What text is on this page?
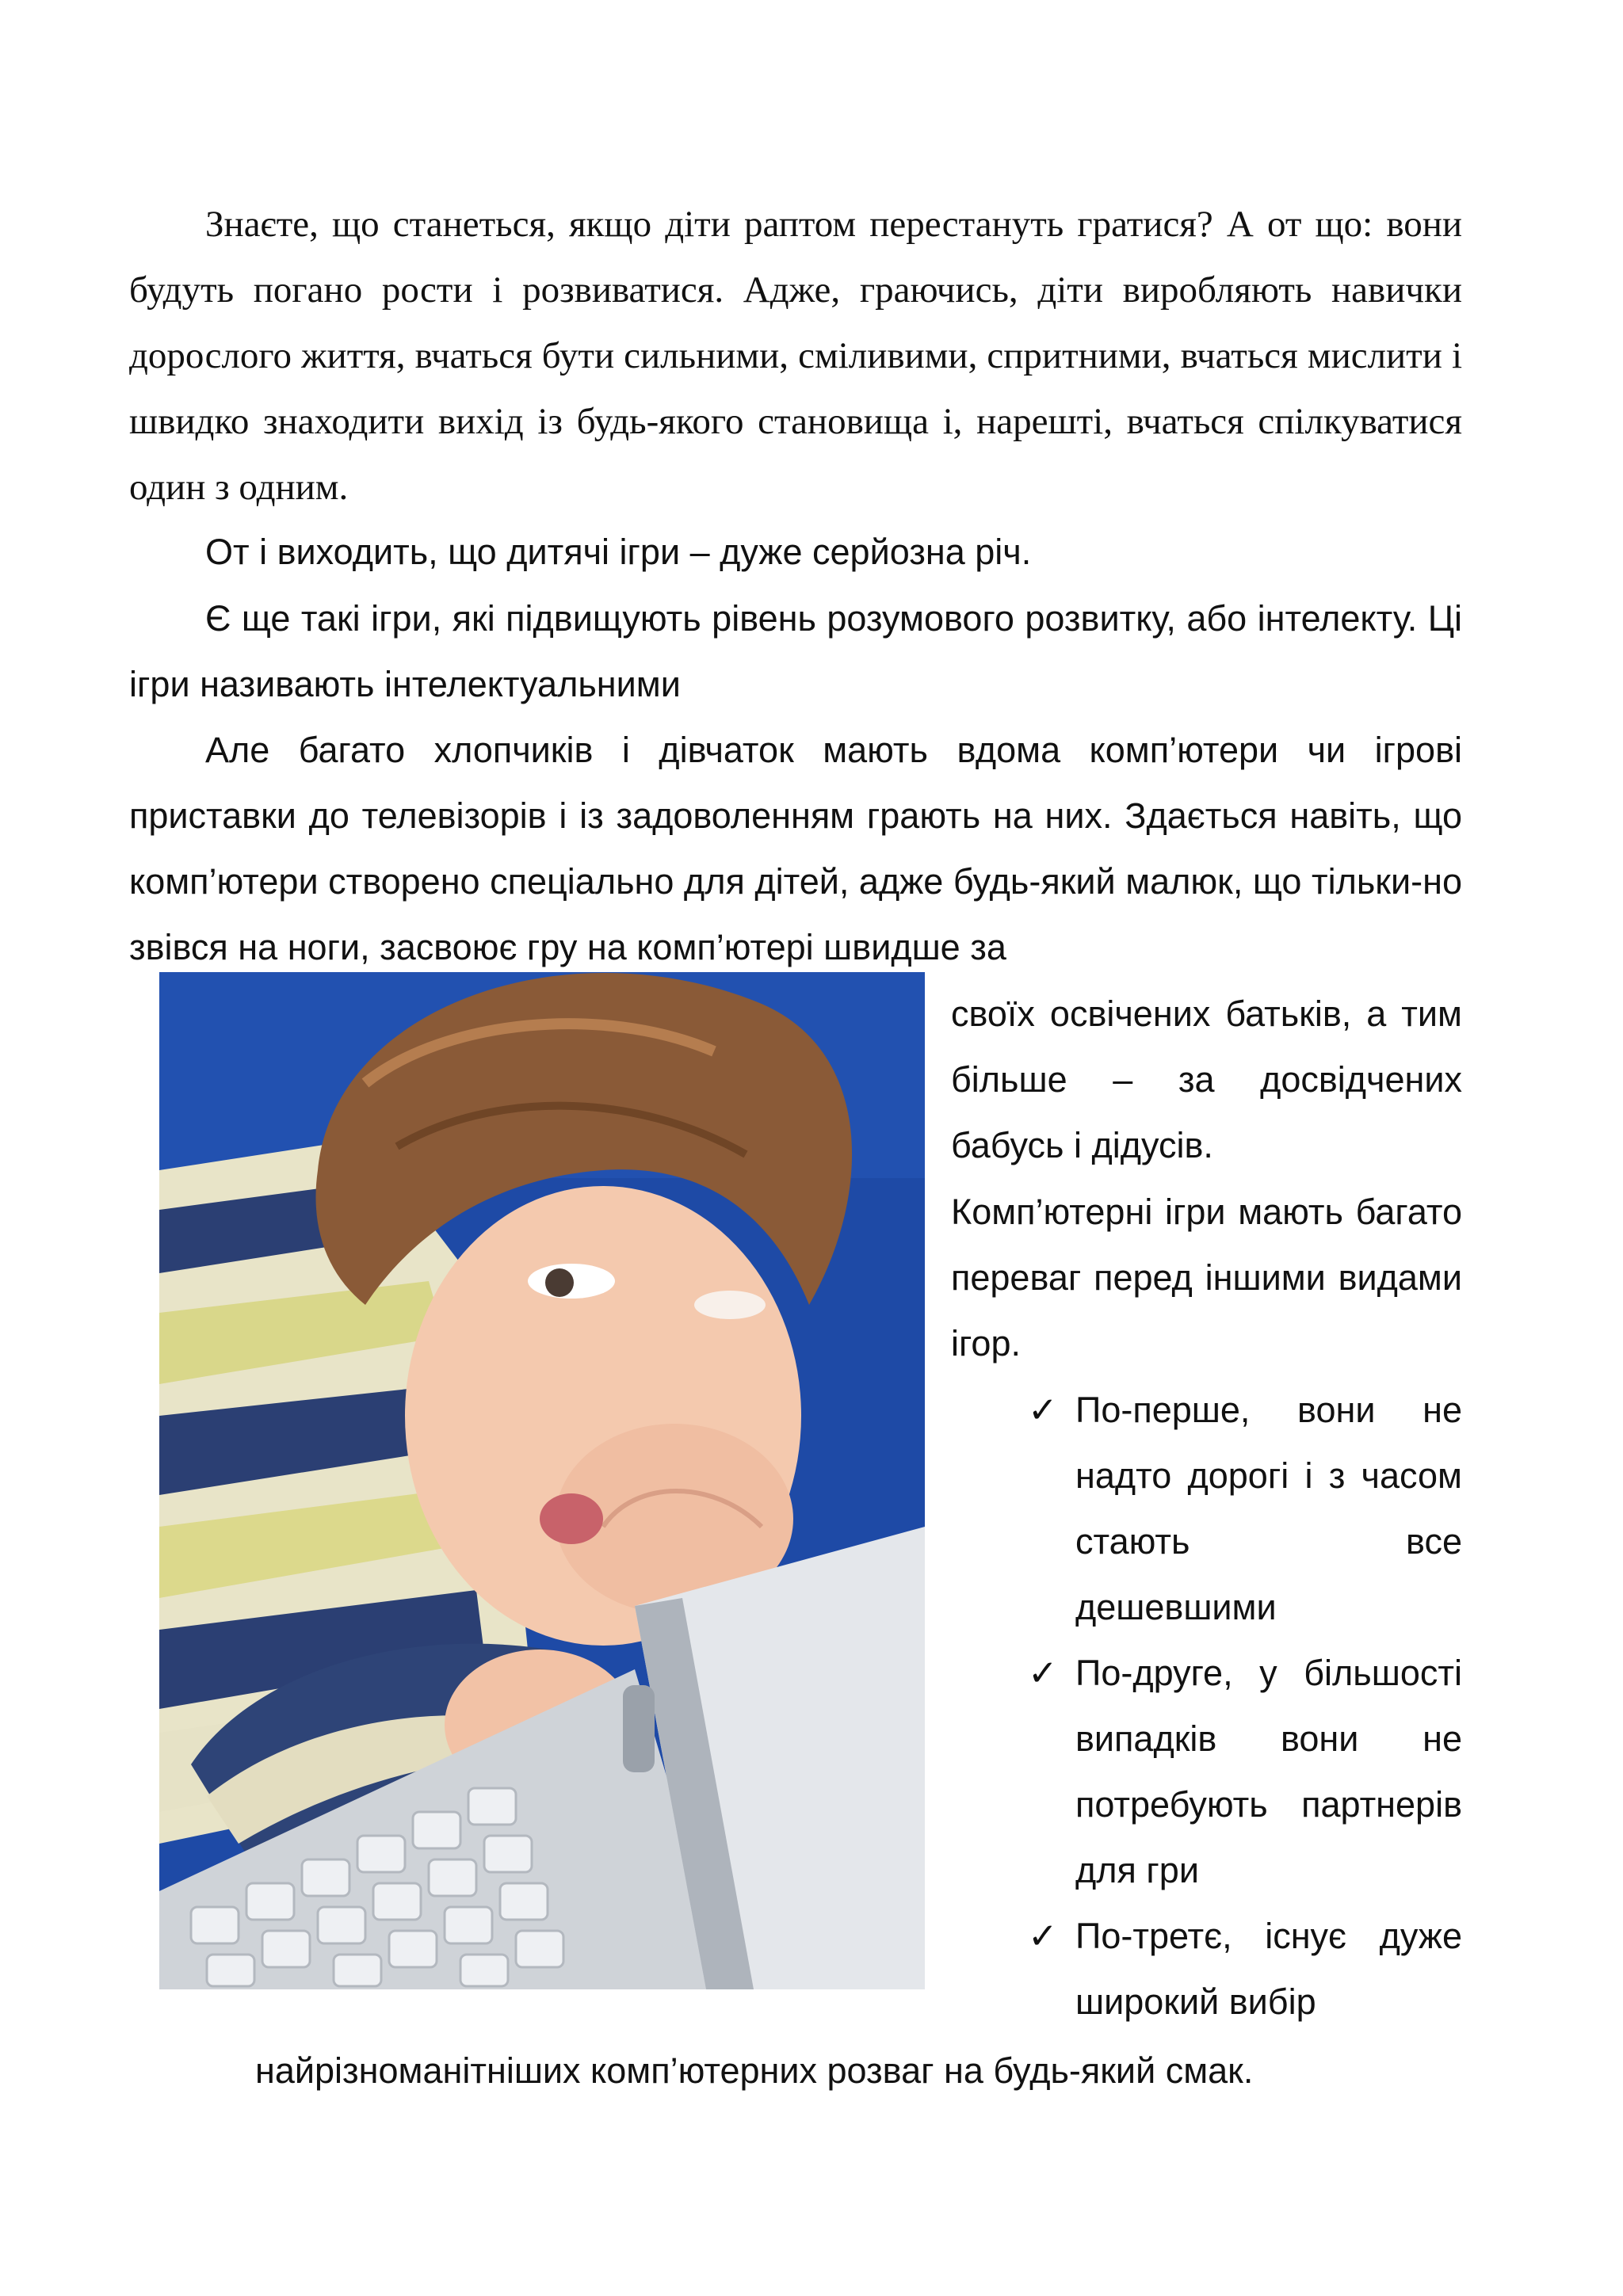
Знаєте, що станеться, якщо діти раптом перестануть гратися? А от що: вони будуть погано рости і розвиватися. Адже, граючись, діти виробляють навички дорослого життя, вчаться бути сильними, сміливими, спритними, вчаться мислити і швидко знаходити вихід із будь-якого становища і, нарешті, вчаться спілкуватися один з одним.

От і виходить, що дитячі ігри – дуже серйозна річ.

Є ще такі ігри, які підвищують рівень розумового розвитку, або інтелекту. Ці ігри називають інтелектуальними

Але багато хлопчиків і дівчаток мають вдома комп’ютери чи ігрові приставки до телевізорів і із задоволенням грають на них. Здається навіть, що комп’ютери створено спеціально для дітей, адже будь-який малюк, що тільки-но звівся на ноги, засвоює гру на комп’ютері швидше за

своїх освічених батьків, а тим більше – за досвідчених бабусь і дідусів.

Комп’ютерні ігри мають багато переваг перед іншими видами ігор.

✓ По-перше, вони не надто дорогі і з часом стають все дешевшими
✓ По-друге, у більшості випадків вони не потребують партнерів для гри
✓ По-третє, існує дуже широкий вибір

найрізноманітніших комп’ютерних розваг на будь-який смак.
